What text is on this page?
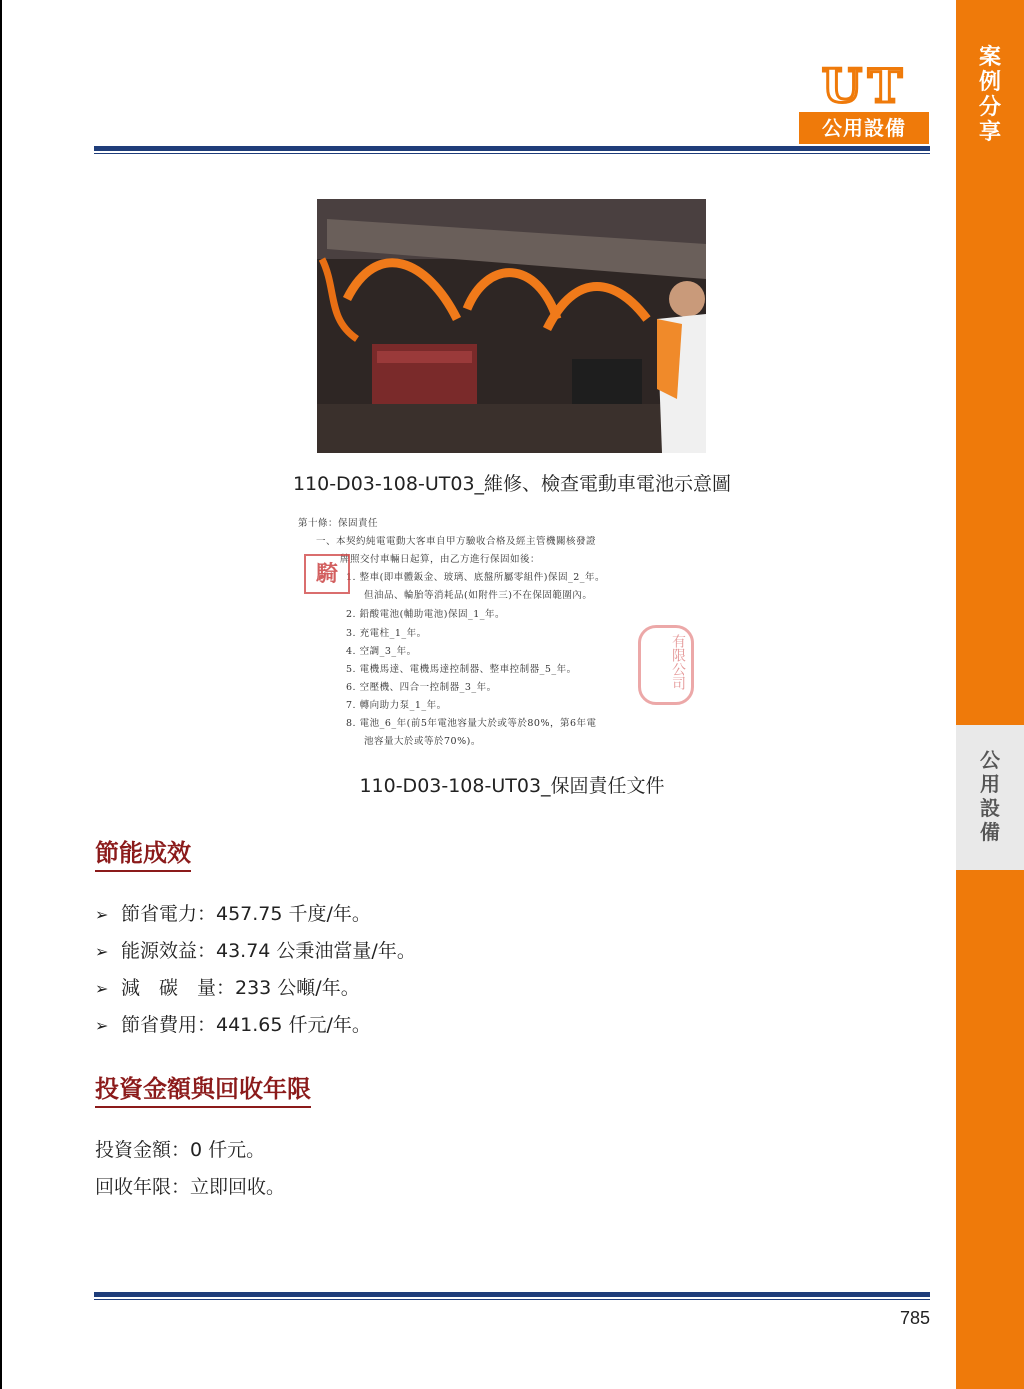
案
例
分
享
公
用
設
備
UT
公用設備
110-D03-108-UT03_維修、檢查電動車電池示意圖
第十條：保固責任
一、本契約純電電動大客車自甲方驗收合格及經主管機關核發證
牌照交付車輛日起算，由乙方進行保固如後：
1. 整車(即車體鈑金、玻璃、底盤所屬零組件)保固_2_年。
但油品、輪胎等消耗品(如附件三)不在保固範圍內。
2. 鉛酸電池(輔助電池)保固_1_年。
3. 充電柱_1_年。
4. 空調_3_年。
5. 電機馬達、電機馬達控制器、整車控制器_5_年。
6. 空壓機、四合一控制器_3_年。
7. 轉向助力泵_1_年。
8. 電池_6_年(前5年電池容量大於或等於80%，第6年電
池容量大於或等於70%)。
騎
有限公司
110-D03-108-UT03_保固責任文件
節能成效
➢ 節省電力：457.75 千度/年。
➢ 能源效益：43.74 公秉油當量/年。
➢ 減　碳　量：233 公噸/年。
➢ 節省費用：441.65 仟元/年。
投資金額與回收年限
投資金額：0 仟元。
回收年限：立即回收。
785
